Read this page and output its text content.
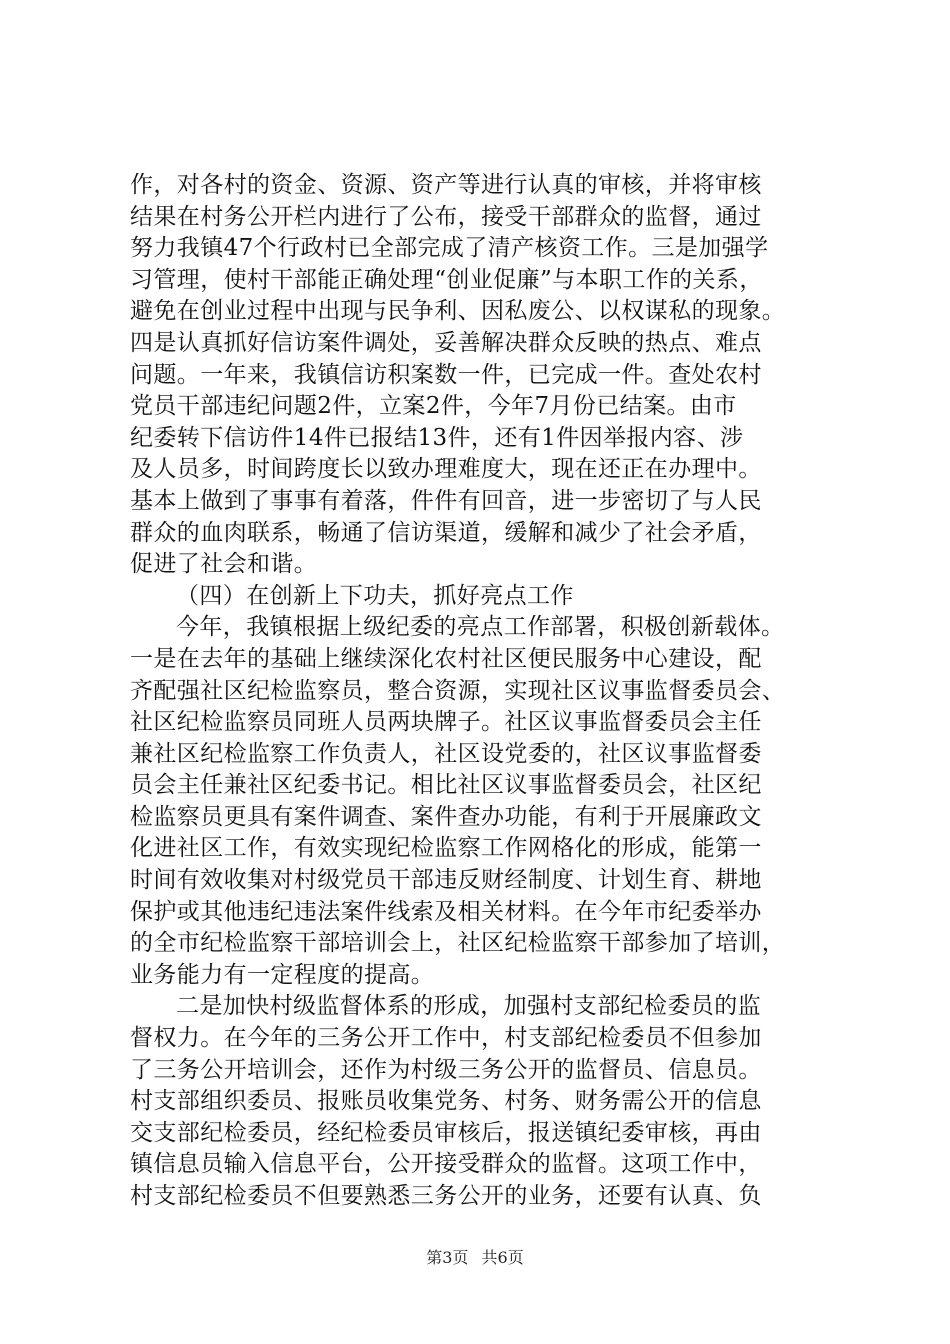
作，对各村的资金、资源、资产等进行认真的审核，并将审核
结果在村务公开栏内进行了公布，接受干部群众的监督，通过
努力我镇47个行政村已全部完成了清产核资工作。三是加强学
习管理，使村干部能正确处理“创业促廉”与本职工作的关系，
避免在创业过程中出现与民争利、因私废公、以权谋私的现象。
四是认真抓好信访案件调处，妥善解决群众反映的热点、难点
问题。一年来，我镇信访积案数一件，已完成一件。查处农村
党员干部违纪问题2件，立案2件，今年7月份已结案。由市
纪委转下信访件14件已报结13件，还有1件因举报内容、涉
及人员多，时间跨度长以致办理难度大，现在还正在办理中。
基本上做到了事事有着落，件件有回音，进一步密切了与人民
群众的血肉联系，畅通了信访渠道，缓解和减少了社会矛盾，
促进了社会和谐。
（四）在创新上下功夫，抓好亮点工作
今年，我镇根据上级纪委的亮点工作部署，积极创新载体。
一是在去年的基础上继续深化农村社区便民服务中心建设，配
齐配强社区纪检监察员，整合资源，实现社区议事监督委员会、
社区纪检监察员同班人员两块牌子。社区议事监督委员会主任
兼社区纪检监察工作负责人，社区设党委的，社区议事监督委
员会主任兼社区纪委书记。相比社区议事监督委员会，社区纪
检监察员更具有案件调查、案件查办功能，有利于开展廉政文
化进社区工作，有效实现纪检监察工作网格化的形成，能第一
时间有效收集对村级党员干部违反财经制度、计划生育、耕地
保护或其他违纪违法案件线索及相关材料。在今年市纪委举办
的全市纪检监察干部培训会上，社区纪检监察干部参加了培训，
业务能力有一定程度的提高。
二是加快村级监督体系的形成，加强村支部纪检委员的监
督权力。在今年的三务公开工作中，村支部纪检委员不但参加
了三务公开培训会，还作为村级三务公开的监督员、信息员。
村支部组织委员、报账员收集党务、村务、财务需公开的信息
交支部纪检委员，经纪检委员审核后，报送镇纪委审核，再由
镇信息员输入信息平台，公开接受群众的监督。这项工作中，
村支部纪检委员不但要熟悉三务公开的业务，还要有认真、负
第3页 共6页
